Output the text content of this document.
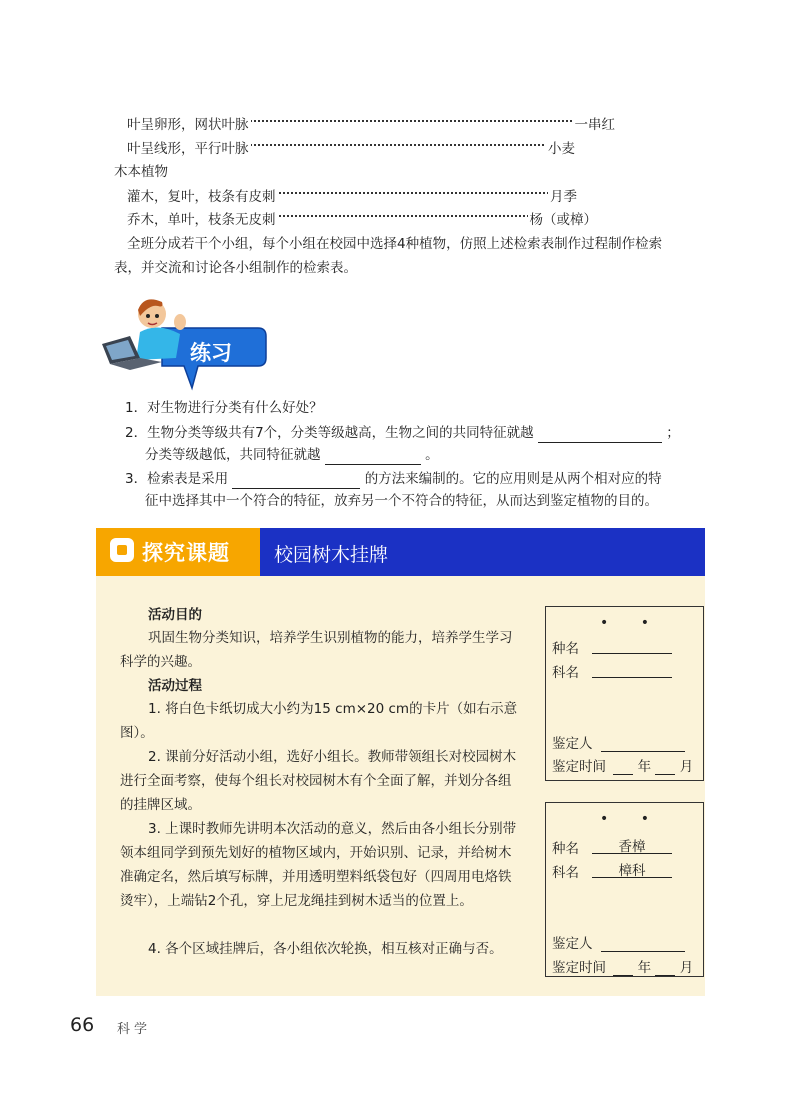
叶呈卵形，网状叶脉	一串红
叶呈线形，平行叶脉	小麦
木本植物
灌木，复叶，枝条有皮刺	月季
乔木，单叶，枝条无皮刺	杨（或樟）
全班分成若干个小组，每个小组在校园中选择4种植物，仿照上述检索表制作过程制作检索
表，并交流和讨论各小组制作的检索表。
练习
1．对生物进行分类有什么好处？
2．生物分类等级共有7个，分类等级越高，生物之间的共同特征就越	；
分类等级越低，共同特征就越	。
3．检索表是采用	的方法来编制的。它的应用则是从两个相对应的特
征中选择其中一个符合的特征，放弃另一个不符合的特征，从而达到鉴定植物的目的。
探究课题 校园树木挂牌
活动目的
巩固生物分类知识，培养学生识别植物的能力，培养学生学习科学的兴趣。
活动过程
1. 将白色卡纸切成大小约为15 cm×20 cm的卡片（如右示意图）。
2. 课前分好活动小组，选好小组长。教师带领组长对校园树木进行全面考察，使每个组长对校园树木有个全面了解，并划分各组的挂牌区域。
3. 上课时教师先讲明本次活动的意义，然后由各小组长分别带领本组同学到预先划好的植物区域内，开始识别、记录，并给树木准确定名，然后填写标牌，并用透明塑料纸袋包好（四周用电烙铁烫牢），上端钻2个孔，穿上尼龙绳挂到树木适当的位置上。
4. 各个区域挂牌后，各小组依次轮换，相互核对正确与否。
• •
种名
科名
鉴定人
鉴定时间 年 月
• •
种名	香樟
科名	樟科
鉴定人
鉴定时间 年 月
66 科学
